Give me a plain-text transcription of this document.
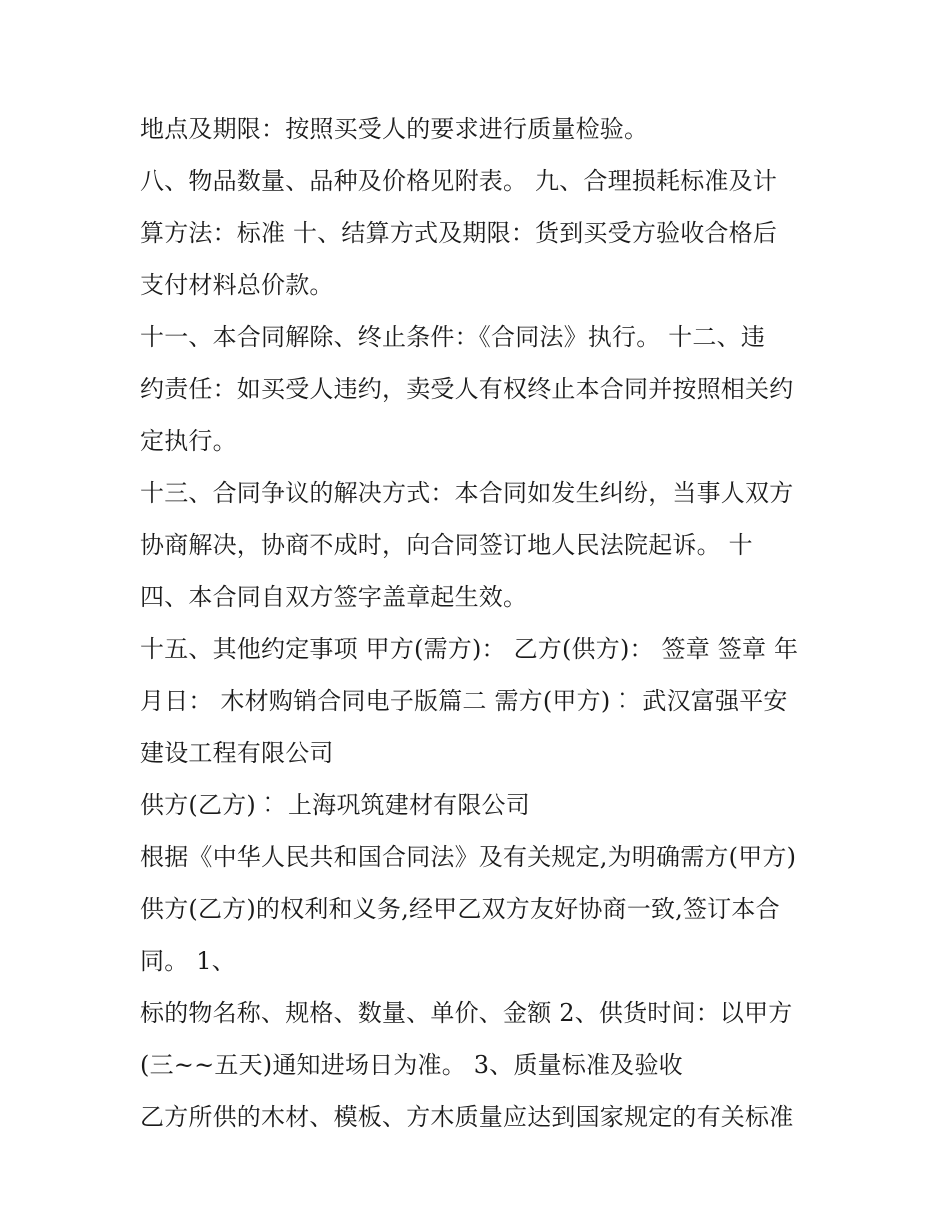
地点及期限：按照买受人的要求进行质量检验。
八、物品数量、品种及价格见附表。 九、合理损耗标准及计
算方法：标准 十、结算方式及期限：货到买受方验收合格后
支付材料总价款。
十一、本合同解除、终止条件：《合同法》执行。 十二、违
约责任：如买受人违约，卖受人有权终止本合同并按照相关约
定执行。
十三、合同争议的解决方式：本合同如发生纠纷，当事人双方
协商解决，协商不成时，向合同签订地人民法院起诉。 十
四、本合同自双方签字盖章起生效。
十五、其他约定事项 甲方(需方)： 乙方(供方)： 签章 签章 年
月日： 木材购销合同电子版篇二 需方(甲方)︰ 武汉富强平安
建设工程有限公司
供方(乙方)︰ 上海巩筑建材有限公司
根据《中华人民共和国合同法》及有关规定,为明确需方(甲方)
供方(乙方)的权利和义务,经甲乙双方友好协商一致,签订本合
同。 1、
标的物名称、规格、数量、单价、金额 2、供货时间：以甲方
(三~~五天)通知进场日为准。 3、质量标准及验收
乙方所供的木材、模板、方木质量应达到国家规定的有关标准
